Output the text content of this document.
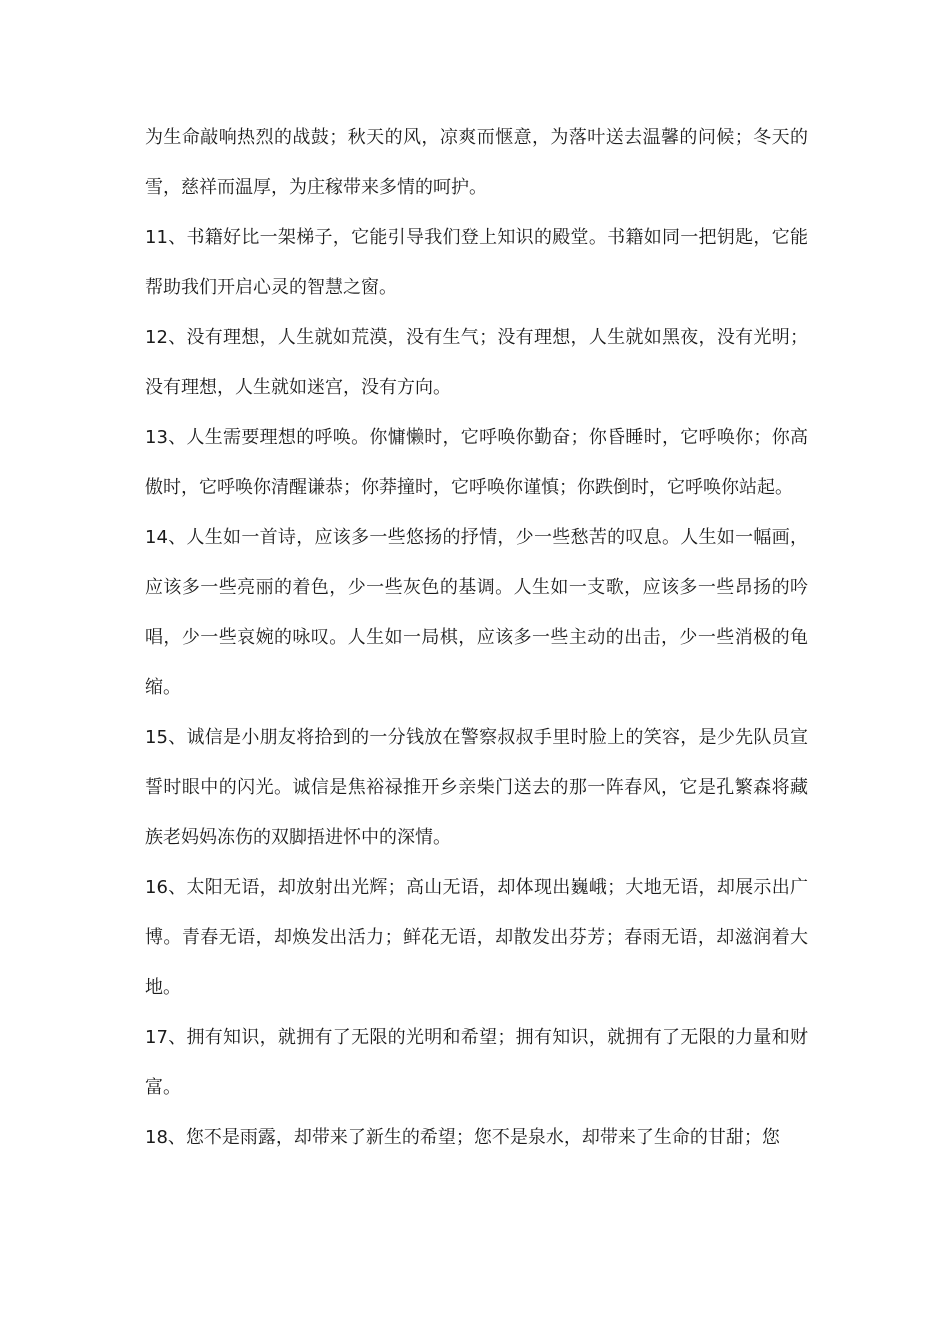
为生命敲响热烈的战鼓；秋天的风，凉爽而惬意，为落叶送去温馨的问候；冬天的雪，慈祥而温厚，为庄稼带来多情的呵护。

11、书籍好比一架梯子，它能引导我们登上知识的殿堂。书籍如同一把钥匙，它能帮助我们开启心灵的智慧之窗。

12、没有理想，人生就如荒漠，没有生气；没有理想，人生就如黑夜，没有光明；没有理想，人生就如迷宫，没有方向。

13、人生需要理想的呼唤。你慵懒时，它呼唤你勤奋；你昏睡时，它呼唤你；你高傲时，它呼唤你清醒谦恭；你莽撞时，它呼唤你谨慎；你跌倒时，它呼唤你站起。

14、人生如一首诗，应该多一些悠扬的抒情，少一些愁苦的叹息。人生如一幅画，应该多一些亮丽的着色，少一些灰色的基调。人生如一支歌，应该多一些昂扬的吟唱，少一些哀婉的咏叹。人生如一局棋，应该多一些主动的出击，少一些消极的龟缩。

15、诚信是小朋友将拾到的一分钱放在警察叔叔手里时脸上的笑容，是少先队员宣誓时眼中的闪光。诚信是焦裕禄推开乡亲柴门送去的那一阵春风，它是孔繁森将藏族老妈妈冻伤的双脚捂进怀中的深情。

16、太阳无语，却放射出光辉；高山无语，却体现出巍峨；大地无语，却展示出广博。青春无语，却焕发出活力；鲜花无语，却散发出芬芳；春雨无语，却滋润着大地。

17、拥有知识，就拥有了无限的光明和希望；拥有知识，就拥有了无限的力量和财富。

18、您不是雨露，却带来了新生的希望；您不是泉水，却带来了生命的甘甜；您
